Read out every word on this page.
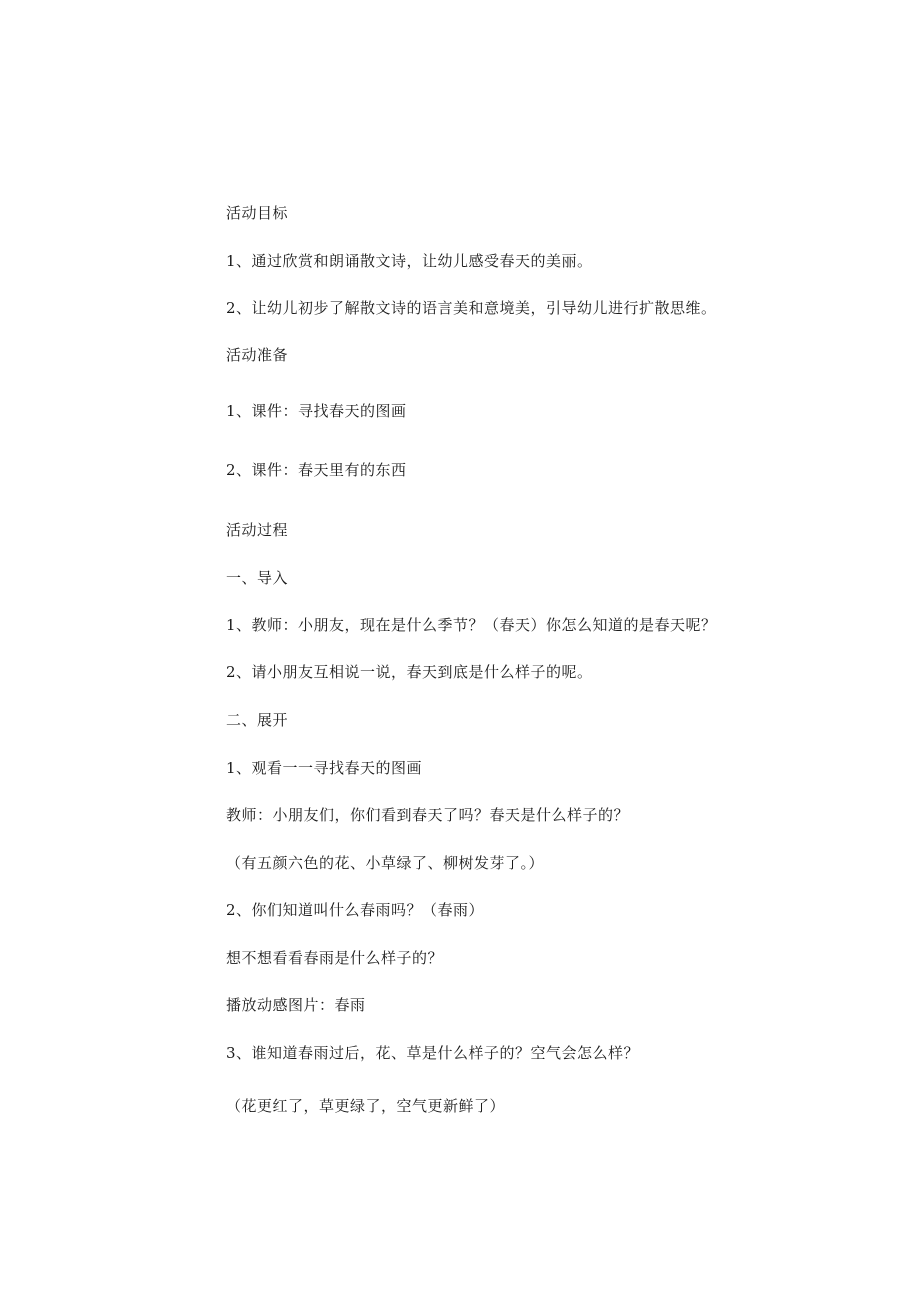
活动目标
1、通过欣赏和朗诵散文诗，让幼儿感受春天的美丽。
2、让幼儿初步了解散文诗的语言美和意境美，引导幼儿进行扩散思维。
活动准备
1、课件：寻找春天的图画
2、课件：春天里有的东西
活动过程
一、导入
1、教师：小朋友，现在是什么季节？（春天）你怎么知道的是春天呢？
2、请小朋友互相说一说，春天到底是什么样子的呢。
二、展开
1、观看一一寻找春天的图画
教师：小朋友们，你们看到春天了吗？春天是什么样子的？
（有五颜六色的花、小草绿了、柳树发芽了。）
2、你们知道叫什么春雨吗？（春雨）
想不想看看春雨是什么样子的？
播放动感图片：春雨
3、谁知道春雨过后，花、草是什么样子的？空气会怎么样？
（花更红了，草更绿了，空气更新鲜了）
